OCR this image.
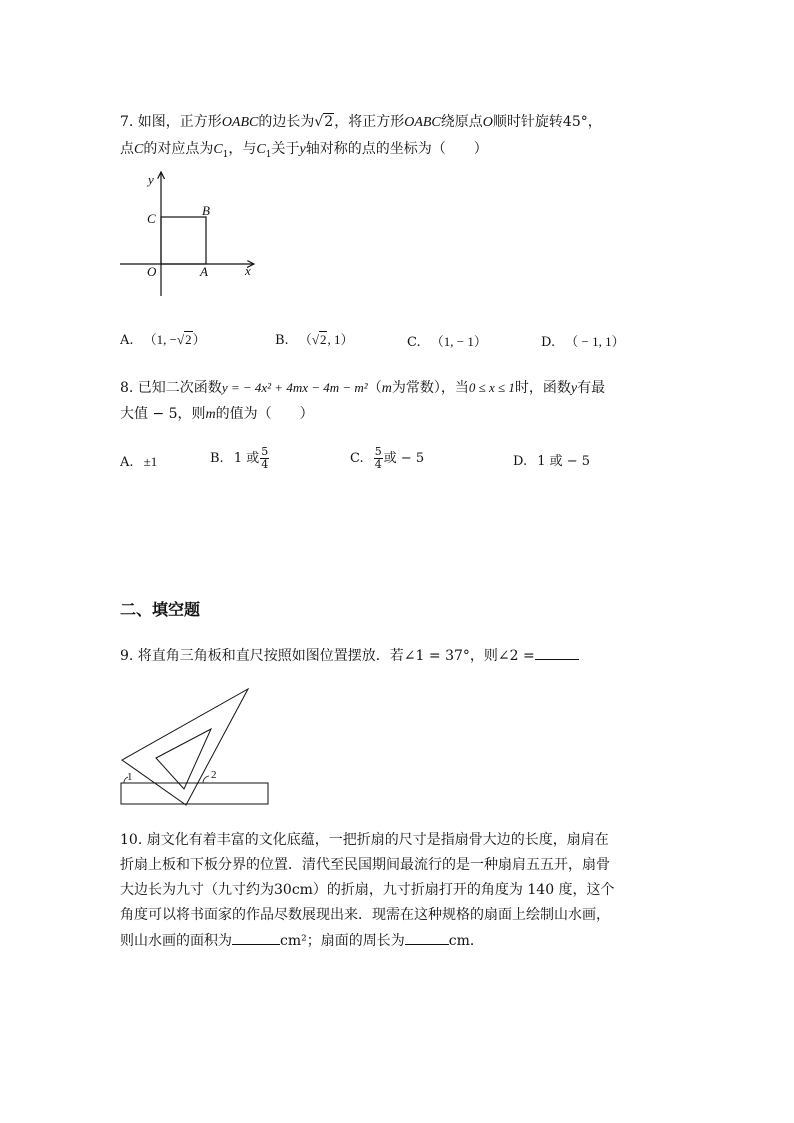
7. 如图，正方形OABC的边长为√2，将正方形OABC绕原点O顺时针旋转45°，
点C的对应点为$C_1$，与$C_1$关于y轴对称的点的坐标为（　　）
y
x
C
B
O	A
A. （1, −√2）	B. （√2, 1）	C. （1, − 1）	D. （ − 1, 1）
8. 已知二次函数y = − 4x² + 4mx − 4m − m²（m为常数），当0 ≤ x ≤ 1时，函数y有最
大值 − 5，则m的值为（　　）
A. ±1	B. 1 或 $\frac{5}{4}$	C. $\frac{5}{4}$ 或 − 5	D. 1 或 − 5
二、填空题
9. 将直角三角板和直尺按照如图位置摆放．若∠1 = 37°，则∠2 =
1	2
10. 扇文化有着丰富的文化底蕴，一把折扇的尺寸是指扇骨大边的长度，扇肩在
折扇上板和下板分界的位置．清代至民国期间最流行的是一种扇肩五五开，扇骨
大边长为九寸（九寸约为30cm）的折扇，九寸折扇打开的角度为 140 度，这个
角度可以将书面家的作品尽数展现出来．现需在这种规格的扇面上绘制山水画，
则山水画的面积为	cm²；扇面的周长为	cm．
